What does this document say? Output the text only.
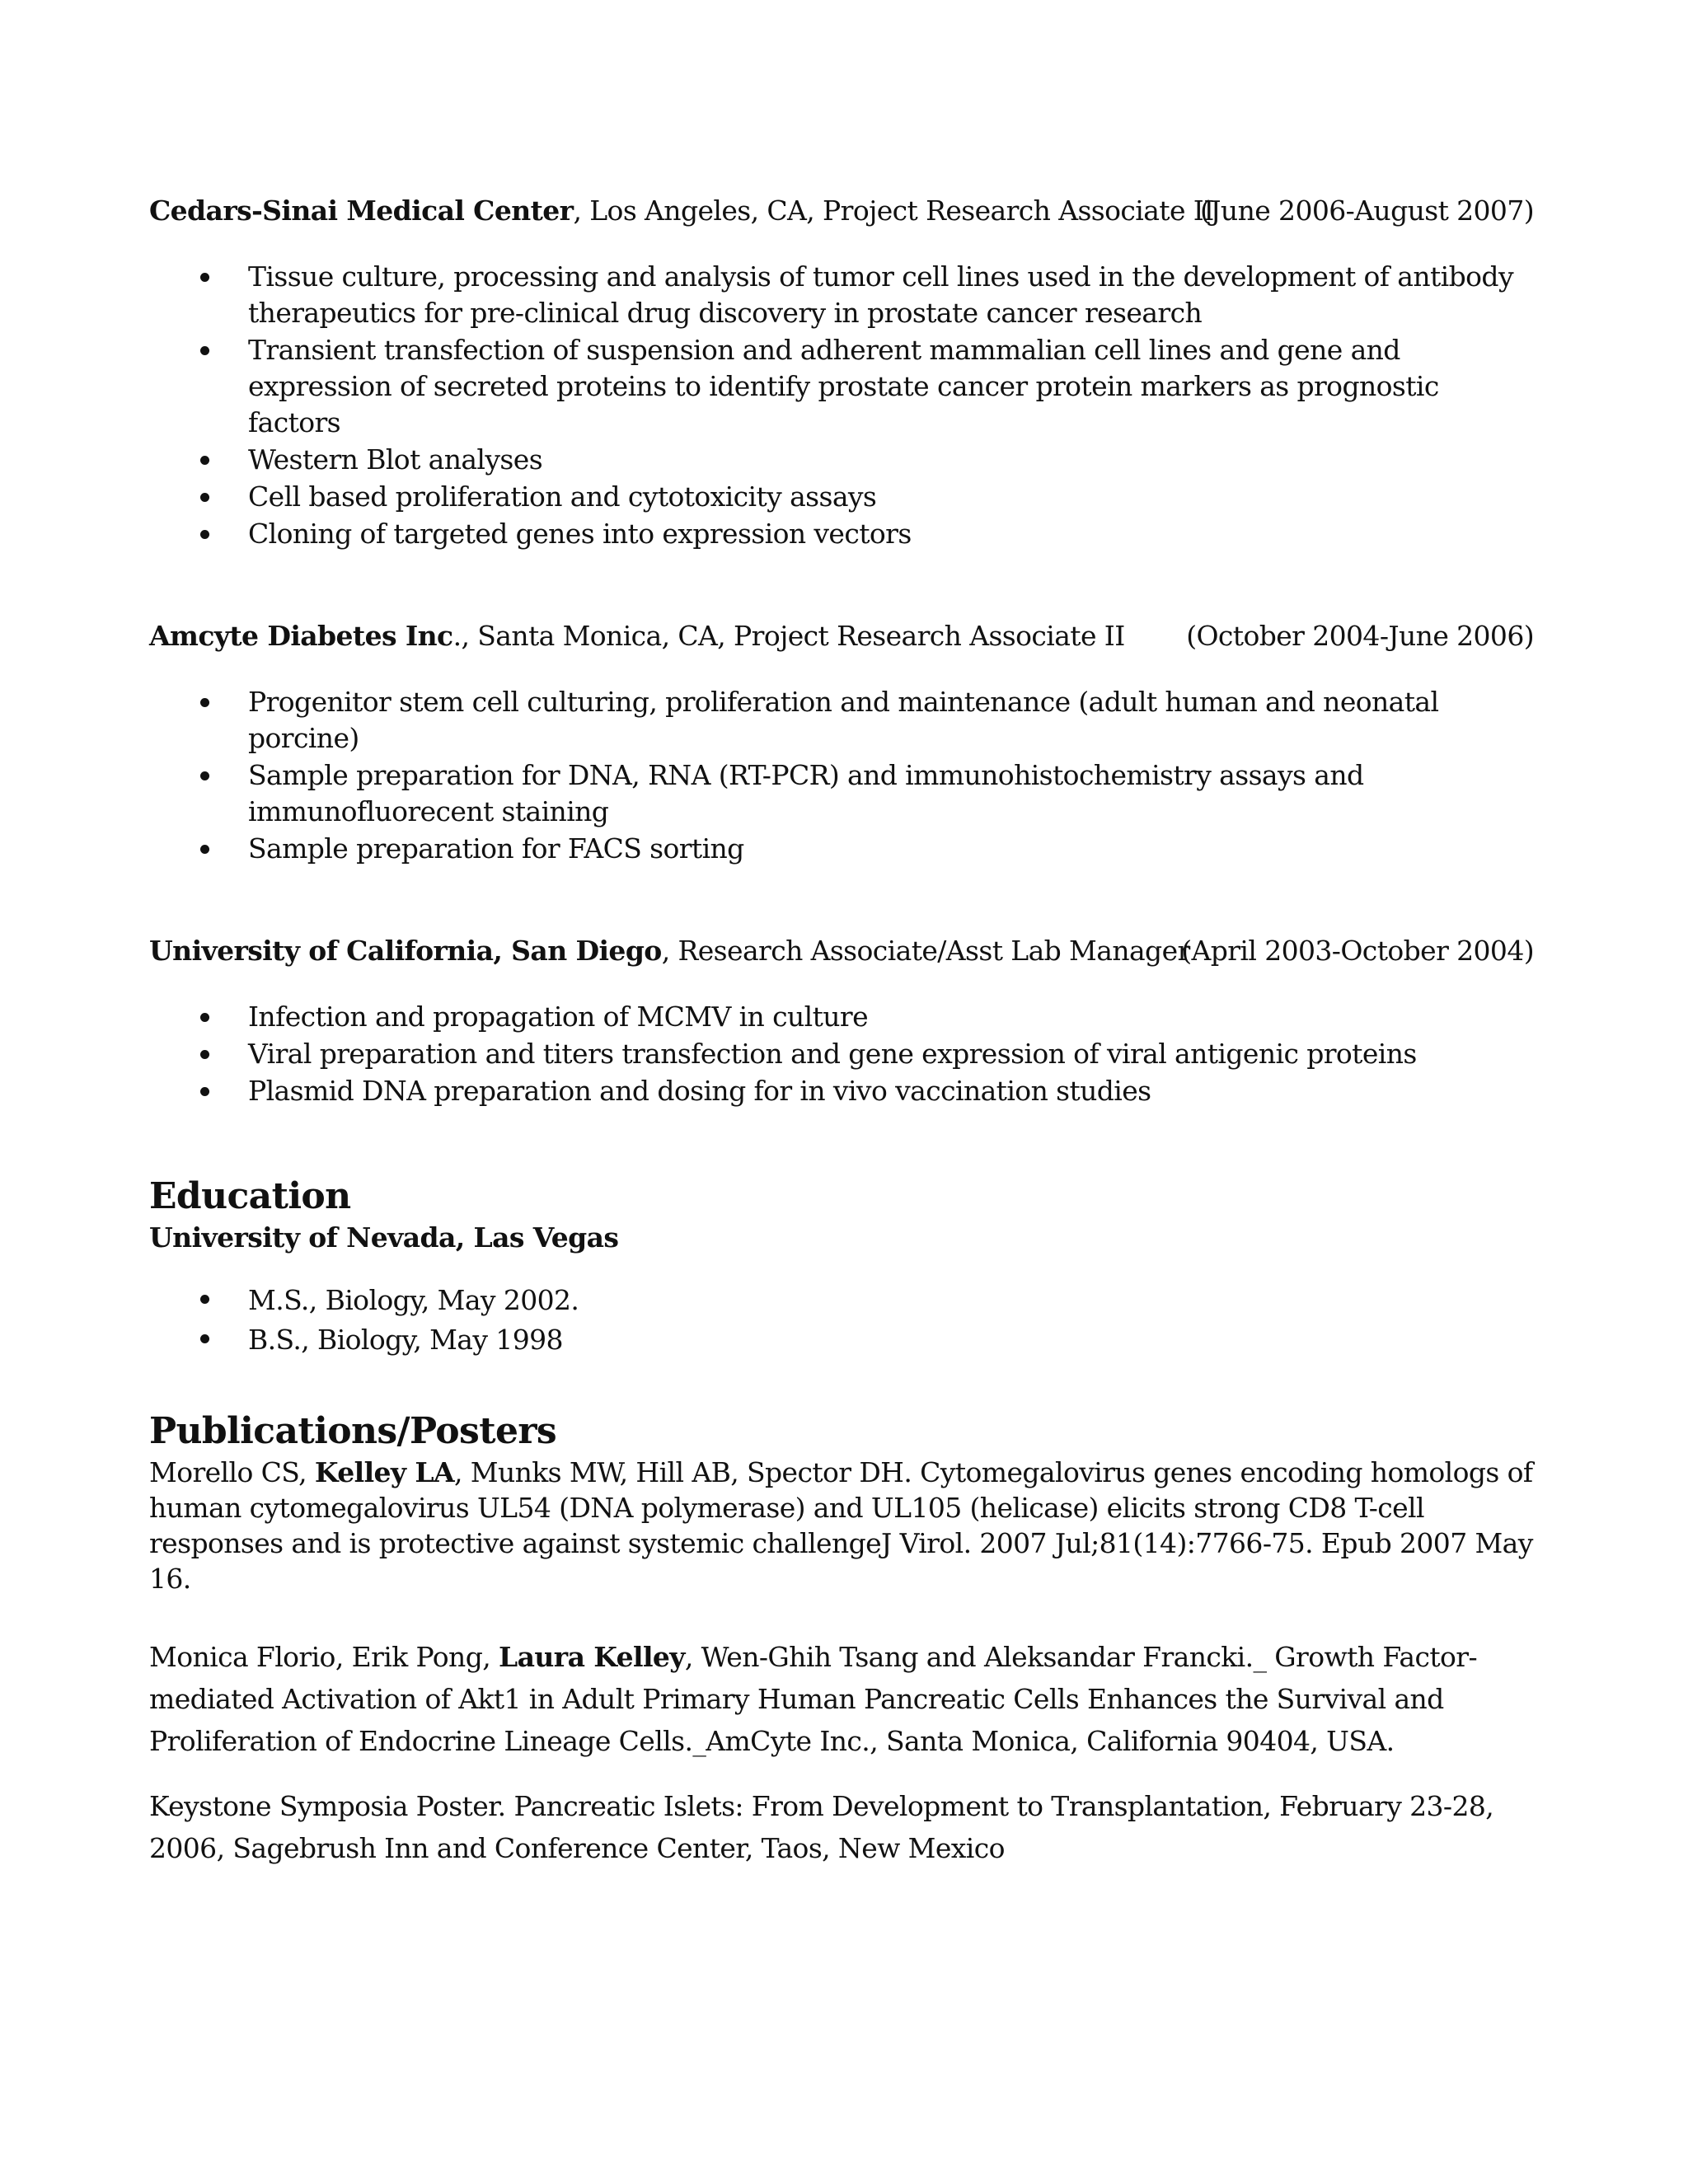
Cedars-Sinai Medical Center, Los Angeles, CA, Project Research Associate II
(June 2006-August 2007)
Tissue culture, processing and analysis of tumor cell lines used in the development of antibody therapeutics for pre-clinical drug discovery in prostate cancer research
Transient transfection of suspension and adherent mammalian cell lines and gene and expression of secreted proteins to identify prostate cancer protein markers as prognostic factors
Western Blot analyses
Cell based proliferation and cytotoxicity assays
Cloning of targeted genes into expression vectors
Amcyte Diabetes Inc., Santa Monica, CA, Project Research Associate II (October 2004-June 2006)
Progenitor stem cell culturing, proliferation and maintenance (adult human and neonatal porcine)
Sample preparation for DNA, RNA (RT-PCR) and immunohistochemistry assays and immunofluorecent staining
Sample preparation for FACS sorting
University of California, San Diego, Research Associate/Asst Lab Manager
(April 2003-October 2004)
Infection and propagation of MCMV in culture
Viral preparation and titers transfection and gene expression of viral antigenic proteins
Plasmid DNA preparation and dosing for in vivo vaccination studies
Education
University of Nevada, Las Vegas
M.S., Biology, May 2002.
B.S., Biology, May 1998
Publications/Posters
Morello CS, Kelley LA, Munks MW, Hill AB, Spector DH. Cytomegalovirus genes encoding homologs of human cytomegalovirus UL54 (DNA polymerase) and UL105 (helicase) elicits strong CD8 T-cell responses and is protective against systemic challengeJ Virol. 2007 Jul;81(14):7766-75. Epub 2007 May 16.
Monica Florio, Erik Pong, Laura Kelley, Wen-Ghih Tsang and Aleksandar Francki._ Growth Factor-mediated Activation of Akt1 in Adult Primary Human Pancreatic Cells Enhances the Survival and Proliferation of Endocrine Lineage Cells._AmCyte Inc., Santa Monica, California 90404, USA.
Keystone Symposia Poster. Pancreatic Islets: From Development to Transplantation, February 23-28, 2006, Sagebrush Inn and Conference Center, Taos, New Mexico
